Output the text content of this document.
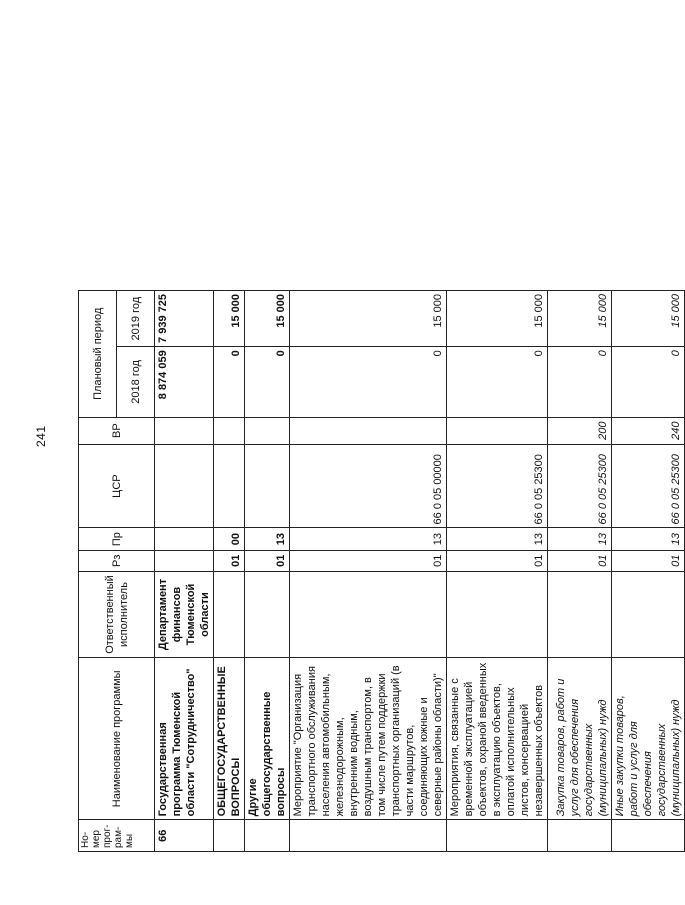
241
Но-мер прог-рам-мы	Наименование программы	Ответственный исполнитель	Рз	Пр	ЦСР	ВР	Плановый период	
							2018 год	2019 год
66	Государственная программа Тюменской области "Сотрудничество"	Департамент финансов Тюменской области					8 874 059	7 939 725
	ОБЩЕГОСУДАРСТВЕННЫЕ ВОПРОСЫ		01	00			0	15 000
	Другие общегосударственные вопросы		01	13			0	15 000
	Мероприятие "Организация транспортного обслуживания населения автомобильным, железнодорожным, внутренним водным, воздушным транспортом, в том числе путем поддержки транспортных организаций (в части маршрутов, соединяющих южные и северные районы области)"		01	13	66 0 05 00000		0	15 000
	Мероприятия, связанные с временной эксплуатацией объектов, охраной введенных в эксплуатацию объектов, оплатой исполнительных листов, консервацией незавершенных объектов		01	13	66 0 05 25300		0	15 000
	Закупка товаров, работ и услуг для обеспечения государственных (муниципальных) нужд		01	13	66 0 05 25300	200	0	15 000
	Иные закупки товаров, работ и услуг для обеспечения государственных (муниципальных) нужд		01	13	66 0 05 25300	240	0	15 000
